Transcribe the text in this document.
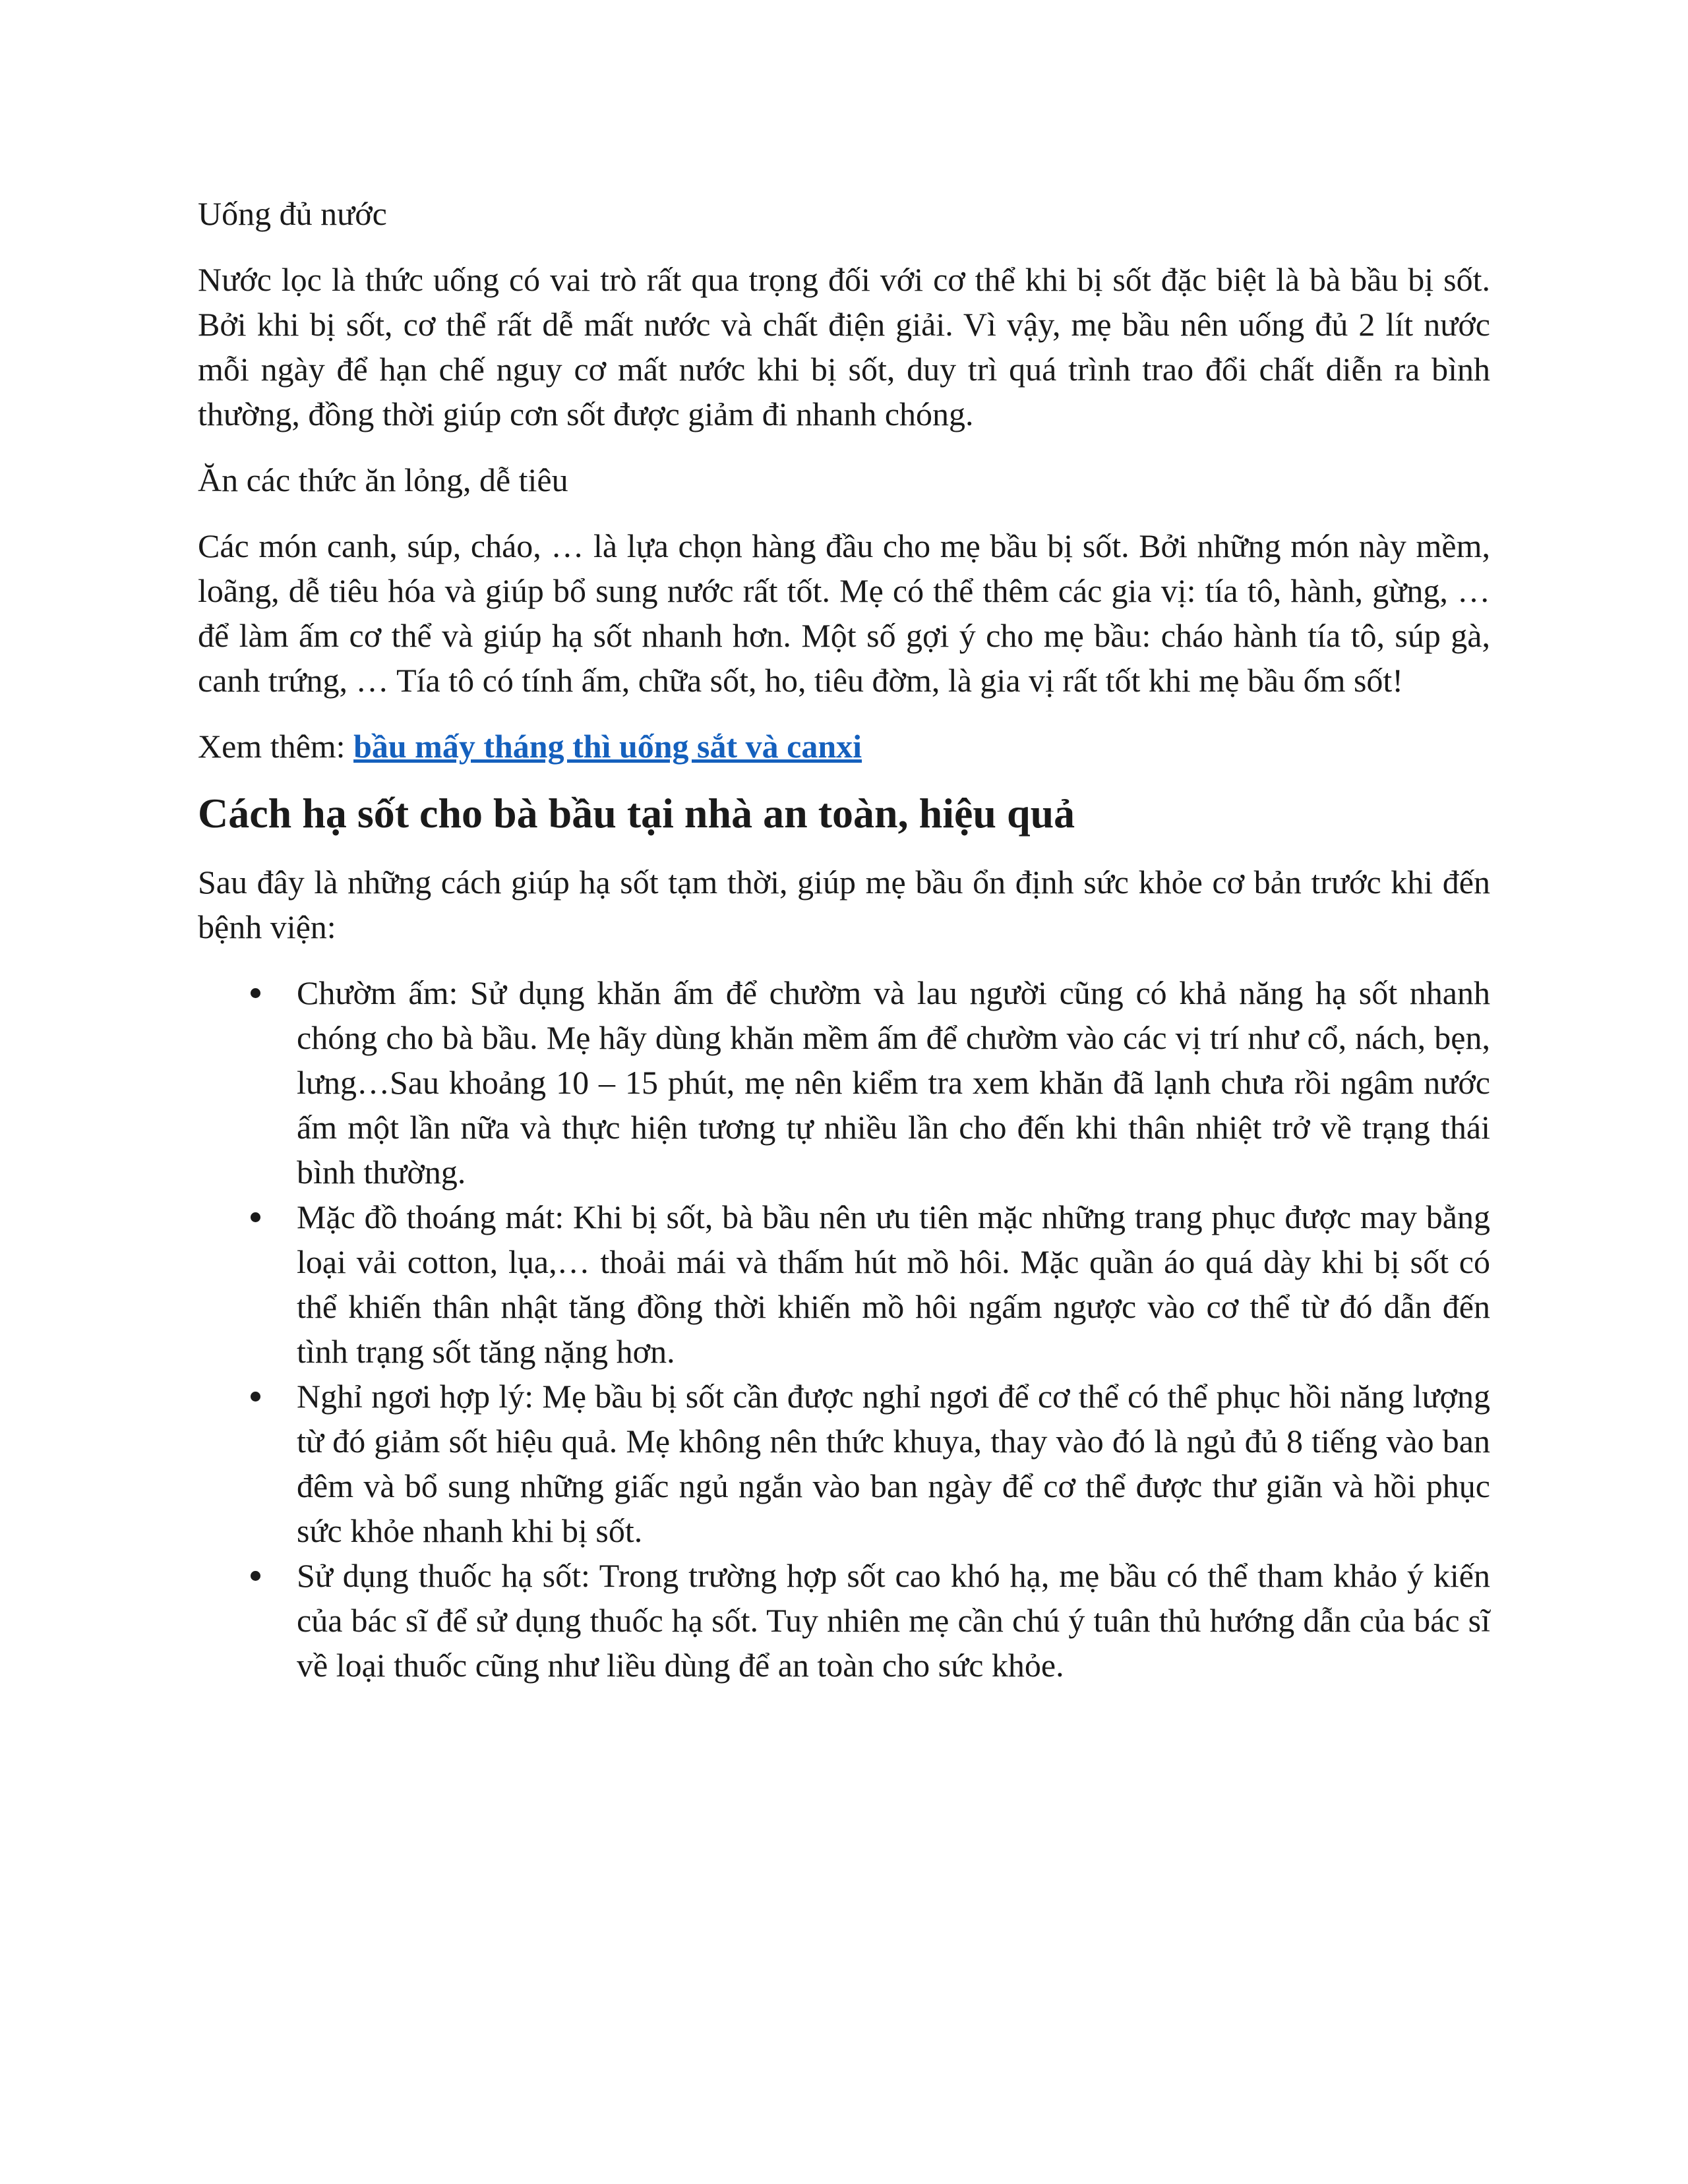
Uống đủ nước

Nước lọc là thức uống có vai trò rất qua trọng đối với cơ thể khi bị sốt đặc biệt là bà bầu bị sốt. Bởi khi bị sốt, cơ thể rất dễ mất nước và chất điện giải. Vì vậy, mẹ bầu nên uống đủ 2 lít nước mỗi ngày để hạn chế nguy cơ mất nước khi bị sốt, duy trì quá trình trao đổi chất diễn ra bình thường, đồng thời giúp cơn sốt được giảm đi nhanh chóng.

Ăn các thức ăn lỏng, dễ tiêu

Các món canh, súp, cháo, … là lựa chọn hàng đầu cho mẹ bầu bị sốt. Bởi những món này mềm, loãng, dễ tiêu hóa và giúp bổ sung nước rất tốt. Mẹ có thể thêm các gia vị: tía tô, hành, gừng, … để làm ấm cơ thể và giúp hạ sốt nhanh hơn. Một số gợi ý cho mẹ bầu: cháo hành tía tô, súp gà, canh trứng, … Tía tô có tính ấm, chữa sốt, ho, tiêu đờm, là gia vị rất tốt khi mẹ bầu ốm sốt!

Xem thêm: bầu mấy tháng thì uống sắt và canxi

Cách hạ sốt cho bà bầu tại nhà an toàn, hiệu quả

Sau đây là những cách giúp hạ sốt tạm thời, giúp mẹ bầu ổn định sức khỏe cơ bản trước khi đến bệnh viện:

Chườm ấm: Sử dụng khăn ấm để chườm và lau người cũng có khả năng hạ sốt nhanh chóng cho bà bầu. Mẹ hãy dùng khăn mềm ấm để chườm vào các vị trí như cổ, nách, bẹn, lưng…Sau khoảng 10 – 15 phút, mẹ nên kiểm tra xem khăn đã lạnh chưa rồi ngâm nước ấm một lần nữa và thực hiện tương tự nhiều lần cho đến khi thân nhiệt trở về trạng thái bình thường.
Mặc đồ thoáng mát: Khi bị sốt, bà bầu nên ưu tiên mặc những trang phục được may bằng loại vải cotton, lụa,… thoải mái và thấm hút mồ hôi. Mặc quần áo quá dày khi bị sốt có thể khiến thân nhật tăng đồng thời khiến mồ hôi ngấm ngược vào cơ thể từ đó dẫn đến tình trạng sốt tăng nặng hơn.
Nghỉ ngơi hợp lý: Mẹ bầu bị sốt cần được nghỉ ngơi để cơ thể có thể phục hồi năng lượng từ đó giảm sốt hiệu quả. Mẹ không nên thức khuya, thay vào đó là ngủ đủ 8 tiếng vào ban đêm và bổ sung những giấc ngủ ngắn vào ban ngày để cơ thể được thư giãn và hồi phục sức khỏe nhanh khi bị sốt.
Sử dụng thuốc hạ sốt: Trong trường hợp sốt cao khó hạ, mẹ bầu có thể tham khảo ý kiến của bác sĩ để sử dụng thuốc hạ sốt. Tuy nhiên mẹ cần chú ý tuân thủ hướng dẫn của bác sĩ về loại thuốc cũng như liều dùng để an toàn cho sức khỏe.
